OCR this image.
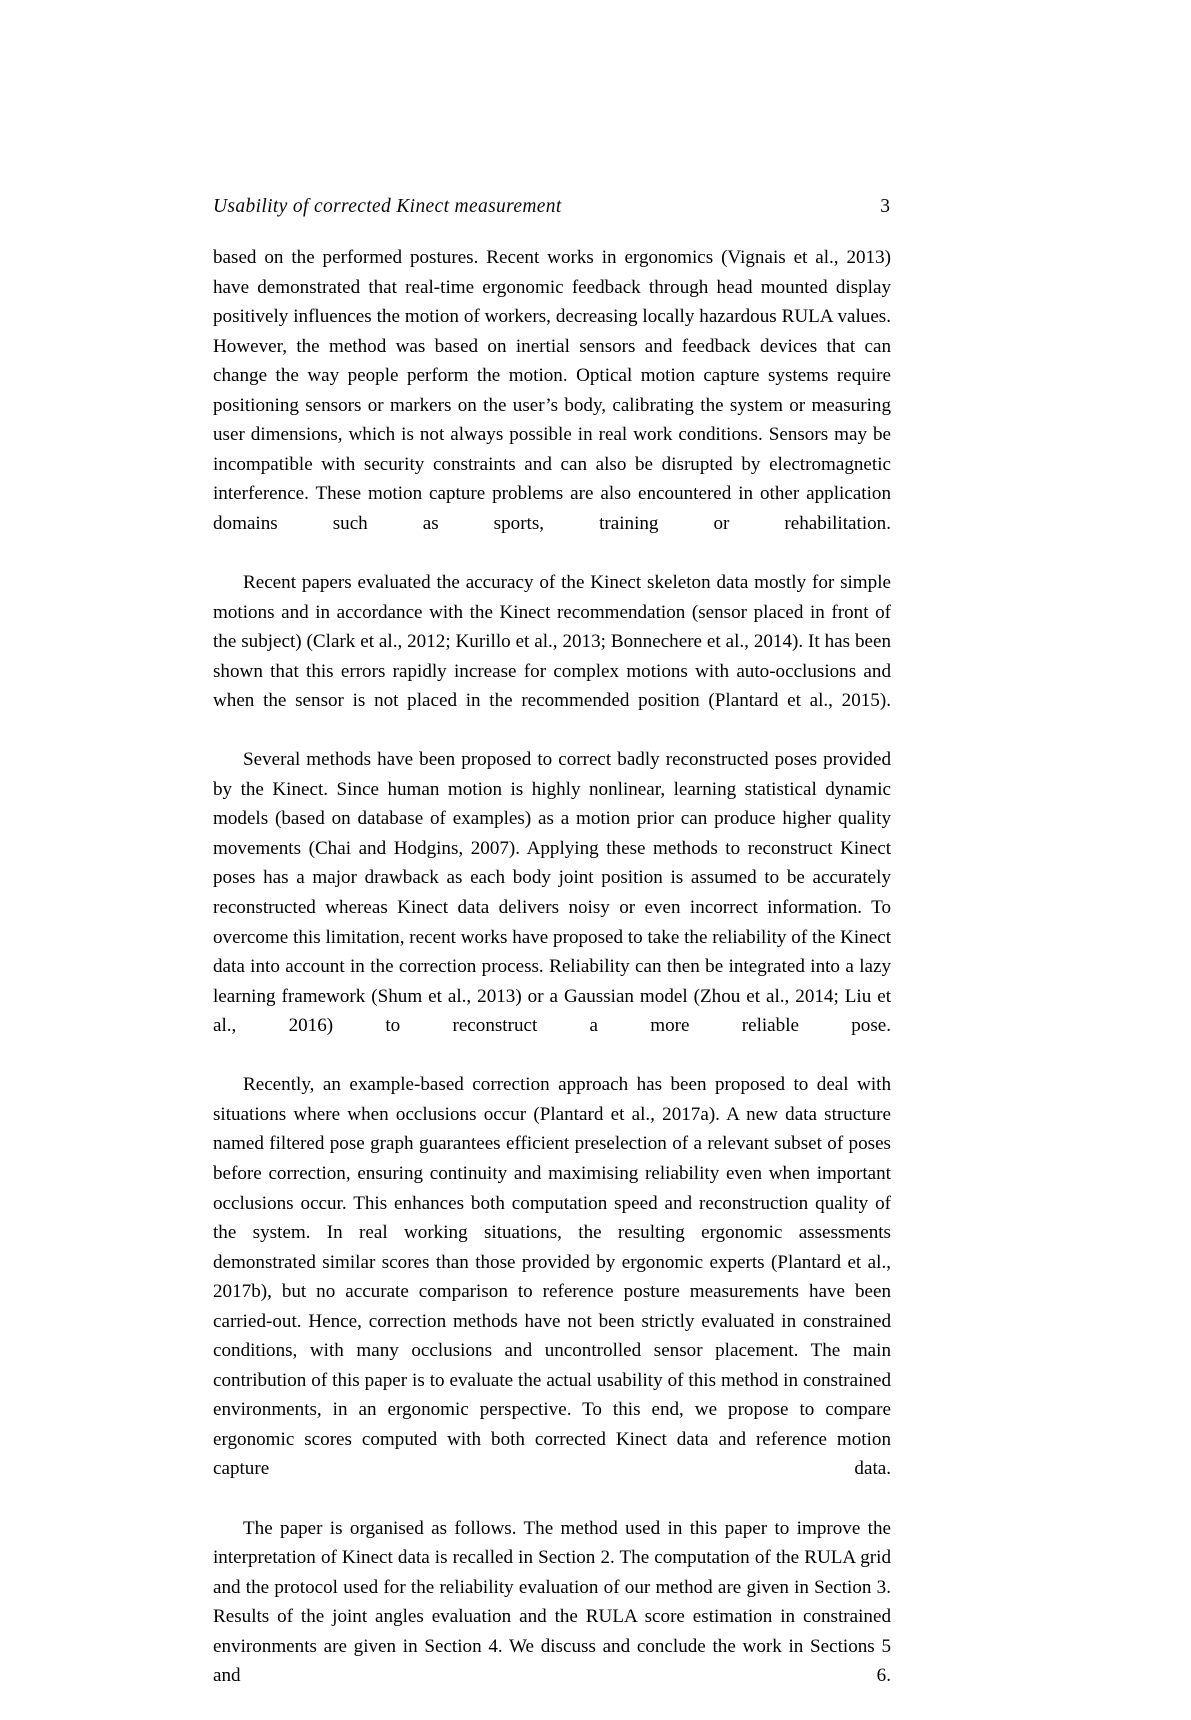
Usability of corrected Kinect measurement	3

based on the performed postures. Recent works in ergonomics (Vignais et al., 2013) have demonstrated that real-time ergonomic feedback through head mounted display positively influences the motion of workers, decreasing locally hazardous RULA values. However, the method was based on inertial sensors and feedback devices that can change the way people perform the motion. Optical motion capture systems require positioning sensors or markers on the user’s body, calibrating the system or measuring user dimensions, which is not always possible in real work conditions. Sensors may be incompatible with security constraints and can also be disrupted by electromagnetic interference. These motion capture problems are also encountered in other application domains such as sports, training or rehabilitation.

Recent papers evaluated the accuracy of the Kinect skeleton data mostly for simple motions and in accordance with the Kinect recommendation (sensor placed in front of the subject) (Clark et al., 2012; Kurillo et al., 2013; Bonnechere et al., 2014). It has been shown that this errors rapidly increase for complex motions with auto-occlusions and when the sensor is not placed in the recommended position (Plantard et al., 2015).

Several methods have been proposed to correct badly reconstructed poses provided by the Kinect. Since human motion is highly nonlinear, learning statistical dynamic models (based on database of examples) as a motion prior can produce higher quality movements (Chai and Hodgins, 2007). Applying these methods to reconstruct Kinect poses has a major drawback as each body joint position is assumed to be accurately reconstructed whereas Kinect data delivers noisy or even incorrect information. To overcome this limitation, recent works have proposed to take the reliability of the Kinect data into account in the correction process. Reliability can then be integrated into a lazy learning framework (Shum et al., 2013) or a Gaussian model (Zhou et al., 2014; Liu et al., 2016) to reconstruct a more reliable pose.

Recently, an example-based correction approach has been proposed to deal with situations where when occlusions occur (Plantard et al., 2017a). A new data structure named filtered pose graph guarantees efficient preselection of a relevant subset of poses before correction, ensuring continuity and maximising reliability even when important occlusions occur. This enhances both computation speed and reconstruction quality of the system. In real working situations, the resulting ergonomic assessments demonstrated similar scores than those provided by ergonomic experts (Plantard et al., 2017b), but no accurate comparison to reference posture measurements have been carried-out. Hence, correction methods have not been strictly evaluated in constrained conditions, with many occlusions and uncontrolled sensor placement. The main contribution of this paper is to evaluate the actual usability of this method in constrained environments, in an ergonomic perspective. To this end, we propose to compare ergonomic scores computed with both corrected Kinect data and reference motion capture data.

The paper is organised as follows. The method used in this paper to improve the interpretation of Kinect data is recalled in Section 2. The computation of the RULA grid and the protocol used for the reliability evaluation of our method are given in Section 3. Results of the joint angles evaluation and the RULA score estimation in constrained environments are given in Section 4. We discuss and conclude the work in Sections 5 and 6.
